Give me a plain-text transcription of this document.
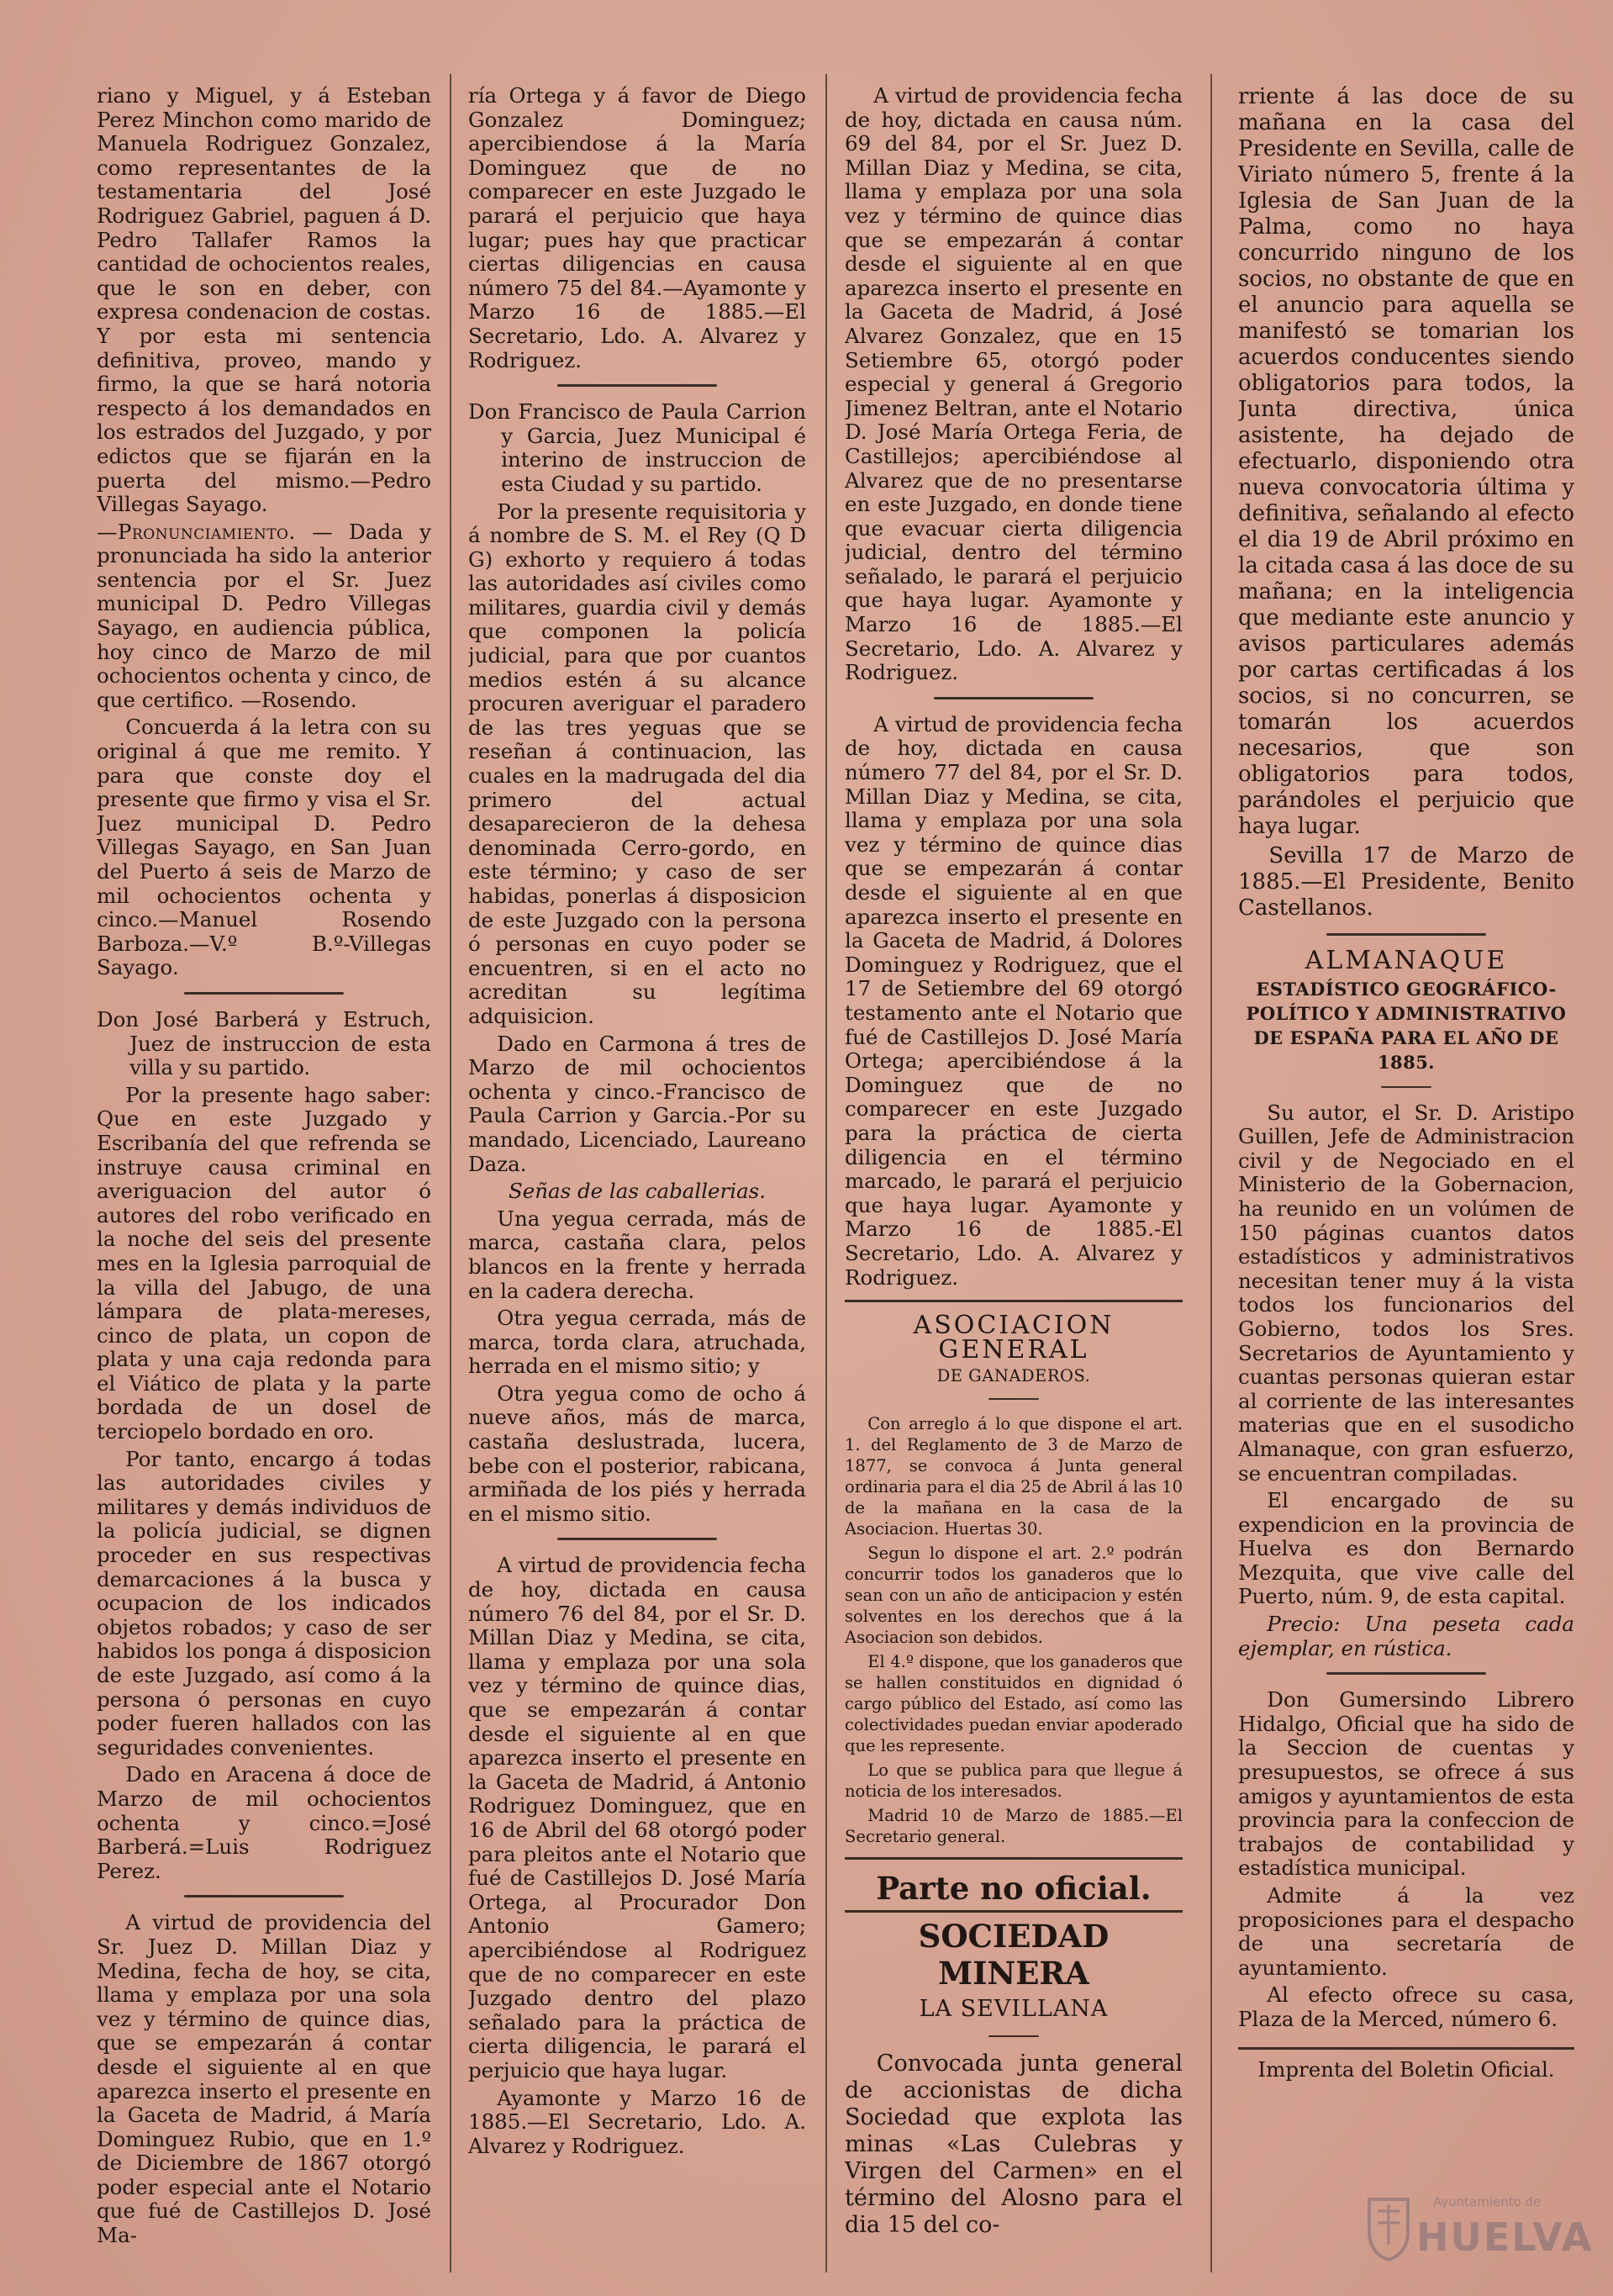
riano y Miguel, y á Esteban Perez Minchon como marido de Manuela Rodriguez Gonzalez, como representantes de la testamentaria del José Rodriguez Gabriel, paguen á D. Pedro Tallafer Ramos la cantidad de ochocientos reales, que le son en deber, con expresa condenacion de costas. Y por esta mi sentencia definitiva, proveo, mando y firmo, la que se hará notoria respecto á los demandados en los estrados del Juzgado, y por edictos que se fijarán en la puerta del mismo.—Pedro Villegas Sayago.

—Pronunciamiento. — Dada y pronunciada ha sido la anterior sentencia por el Sr. Juez municipal D. Pedro Villegas Sayago, en audiencia pública, hoy cinco de Marzo de mil ochocientos ochenta y cinco, de que certifico. —Rosendo.

Concuerda á la letra con su original á que me remito. Y para que conste doy el presente que firmo y visa el Sr. Juez municipal D. Pedro Villegas Sayago, en San Juan del Puerto á seis de Marzo de mil ochocientos ochenta y cinco.—Manuel Rosendo Barboza.—V.º B.º-Villegas Sayago.

Don José Barberá y Estruch, Juez de instruccion de esta villa y su partido.

Por la presente hago saber: Que en este Juzgado y Escribanía del que refrenda se instruye causa criminal en averiguacion del autor ó autores del robo verificado en la noche del seis del presente mes en la Iglesia parroquial de la villa del Jabugo, de una lámpara de plata-mereses, cinco de plata, un copon de plata y una caja redonda para el Viático de plata y la parte bordada de un dosel de terciopelo bordado en oro.

Por tanto, encargo á todas las autoridades civiles y militares y demás individuos de la policía judicial, se dignen proceder en sus respectivas demarcaciones á la busca y ocupacion de los indicados objetos robados; y caso de ser habidos los ponga á disposicion de este Juzgado, así como á la persona ó personas en cuyo poder fueren hallados con las seguridades convenientes.

Dado en Aracena á doce de Marzo de mil ochocientos ochenta y cinco.=José Barberá.=Luis Rodriguez Perez.

A virtud de providencia del Sr. Juez D. Millan Diaz y Medina, fecha de hoy, se cita, llama y emplaza por una sola vez y término de quince dias, que se empezarán á contar desde el siguiente al en que aparezca inserto el presente en la Gaceta de Madrid, á María Dominguez Rubio, que en 1.º de Diciembre de 1867 otorgó poder especial ante el Notario que fué de Castillejos D. José Ma-

ría Ortega y á favor de Diego Gonzalez Dominguez; apercibiendose á la María Dominguez que de no comparecer en este Juzgado le parará el perjuicio que haya lugar; pues hay que practicar ciertas diligencias en causa número 75 del 84.—Ayamonte y Marzo 16 de 1885.—El Secretario, Ldo. A. Alvarez y Rodriguez.

Don Francisco de Paula Carrion y Garcia, Juez Municipal é interino de instruccion de esta Ciudad y su partido.

Por la presente requisitoria y á nombre de S. M. el Rey (Q D G) exhorto y requiero á todas las autoridades así civiles como militares, guardia civil y demás que componen la policía judicial, para que por cuantos medios estén á su alcance procuren averiguar el paradero de las tres yeguas que se reseñan á continuacion, las cuales en la madrugada del dia primero del actual desaparecieron de la dehesa denominada Cerro-gordo, en este término; y caso de ser habidas, ponerlas á disposicion de este Juzgado con la persona ó personas en cuyo poder se encuentren, si en el acto no acreditan su legítima adquisicion.

Dado en Carmona á tres de Marzo de mil ochocientos ochenta y cinco.-Francisco de Paula Carrion y Garcia.-Por su mandado, Licenciado, Laureano Daza.

Señas de las caballerias.

Una yegua cerrada, más de marca, castaña clara, pelos blancos en la frente y herrada en la cadera derecha.

Otra yegua cerrada, más de marca, torda clara, atruchada, herrada en el mismo sitio; y

Otra yegua como de ocho á nueve años, más de marca, castaña deslustrada, lucera, bebe con el posterior, rabicana, armiñada de los piés y herrada en el mismo sitio.

A virtud de providencia fecha de hoy, dictada en causa número 76 del 84, por el Sr. D. Millan Diaz y Medina, se cita, llama y emplaza por una sola vez y término de quince dias, que se empezarán á contar desde el siguiente al en que aparezca inserto el presente en la Gaceta de Madrid, á Antonio Rodriguez Dominguez, que en 16 de Abril del 68 otorgó poder para pleitos ante el Notario que fué de Castillejos D. José María Ortega, al Procurador Don Antonio Gamero; apercibiéndose al Rodriguez que de no comparecer en este Juzgado dentro del plazo señalado para la práctica de cierta diligencia, le parará el perjuicio que haya lugar.

Ayamonte y Marzo 16 de 1885.—El Secretario, Ldo. A. Alvarez y Rodriguez.

A virtud de providencia fecha de hoy, dictada en causa núm. 69 del 84, por el Sr. Juez D. Millan Diaz y Medina, se cita, llama y emplaza por una sola vez y término de quince dias que se empezarán á contar desde el siguiente al en que aparezca inserto el presente en la Gaceta de Madrid, á José Alvarez Gonzalez, que en 15 Setiembre 65, otorgó poder especial y general á Gregorio Jimenez Beltran, ante el Notario D. José María Ortega Feria, de Castillejos; apercibiéndose al Alvarez que de no presentarse en este Juzgado, en donde tiene que evacuar cierta diligencia judicial, dentro del término señalado, le parará el perjuicio que haya lugar. Ayamonte y Marzo 16 de 1885.—El Secretario, Ldo. A. Alvarez y Rodriguez.

A virtud de providencia fecha de hoy, dictada en causa número 77 del 84, por el Sr. D. Millan Diaz y Medina, se cita, llama y emplaza por una sola vez y término de quince dias que se empezarán á contar desde el siguiente al en que aparezca inserto el presente en la Gaceta de Madrid, á Dolores Dominguez y Rodriguez, que el 17 de Setiembre del 69 otorgó testamento ante el Notario que fué de Castillejos D. José María Ortega; apercibiéndose á la Dominguez que de no comparecer en este Juzgado para la práctica de cierta diligencia en el término marcado, le parará el perjuicio que haya lugar. Ayamonte y Marzo 16 de 1885.-El Secretario, Ldo. A. Alvarez y Rodriguez.

ASOCIACION GENERAL
DE GANADEROS.

Con arreglo á lo que dispone el art. 1. del Reglamento de 3 de Marzo de 1877, se convoca á Junta general ordinaria para el dia 25 de Abril á las 10 de la mañana en la casa de la Asociacion. Huertas 30.

Segun lo dispone el art. 2.º podrán concurrir todos los ganaderos que lo sean con un año de anticipacion y estén solventes en los derechos que á la Asociacion son debidos.

El 4.º dispone, que los ganaderos que se hallen constituidos en dignidad ó cargo público del Estado, así como las colectividades puedan enviar apoderado que les represente.

Lo que se publica para que llegue á noticia de los interesados.

Madrid 10 de Marzo de 1885.—El Secretario general.

Parte no oficial.
SOCIEDAD MINERA
LA SEVILLANA

Convocada junta general de accionistas de dicha Sociedad que explota las minas «Las Culebras y Virgen del Carmen» en el término del Alosno para el dia 15 del co-

rriente á las doce de su mañana en la casa del Presidente en Sevilla, calle de Viriato número 5, frente á la Iglesia de San Juan de la Palma, como no haya concurrido ninguno de los socios, no obstante de que en el anuncio para aquella se manifestó se tomarian los acuerdos conducentes siendo obligatorios para todos, la Junta directiva, única asistente, ha dejado de efectuarlo, disponiendo otra nueva convocatoria última y definitiva, señalando al efecto el dia 19 de Abril próximo en la citada casa á las doce de su mañana; en la inteligencia que mediante este anuncio y avisos particulares además por cartas certificadas á los socios, si no concurren, se tomarán los acuerdos necesarios, que son obligatorios para todos, parándoles el perjuicio que haya lugar.

Sevilla 17 de Marzo de 1885.—El Presidente, Benito Castellanos.

ALMANAQUE
ESTADÍSTICO GEOGRÁFICO-POLÍTICO Y ADMINISTRATIVO DE ESPAÑA PARA EL AÑO DE 1885.

Su autor, el Sr. D. Aristipo Guillen, Jefe de Administracion civil y de Negociado en el Ministerio de la Gobernacion, ha reunido en un volúmen de 150 páginas cuantos datos estadísticos y administrativos necesitan tener muy á la vista todos los funcionarios del Gobierno, todos los Sres. Secretarios de Ayuntamiento y cuantas personas quieran estar al corriente de las interesantes materias que en el susodicho Almanaque, con gran esfuerzo, se encuentran compiladas.

El encargado de su expendicion en la provincia de Huelva es don Bernardo Mezquita, que vive calle del Puerto, núm. 9, de esta capital.

Precio: Una peseta cada ejemplar, en rústica.

Don Gumersindo Librero Hidalgo, Oficial que ha sido de la Seccion de cuentas y presupuestos, se ofrece á sus amigos y ayuntamientos de esta provincia para la confeccion de trabajos de contabilidad y estadística municipal.

Admite á la vez proposiciones para el despacho de una secretaría de ayuntamiento.

Al efecto ofrece su casa, Plaza de la Merced, número 6.

Imprenta del Boletin Oficial.

Ayuntamiento de
HUELVA
